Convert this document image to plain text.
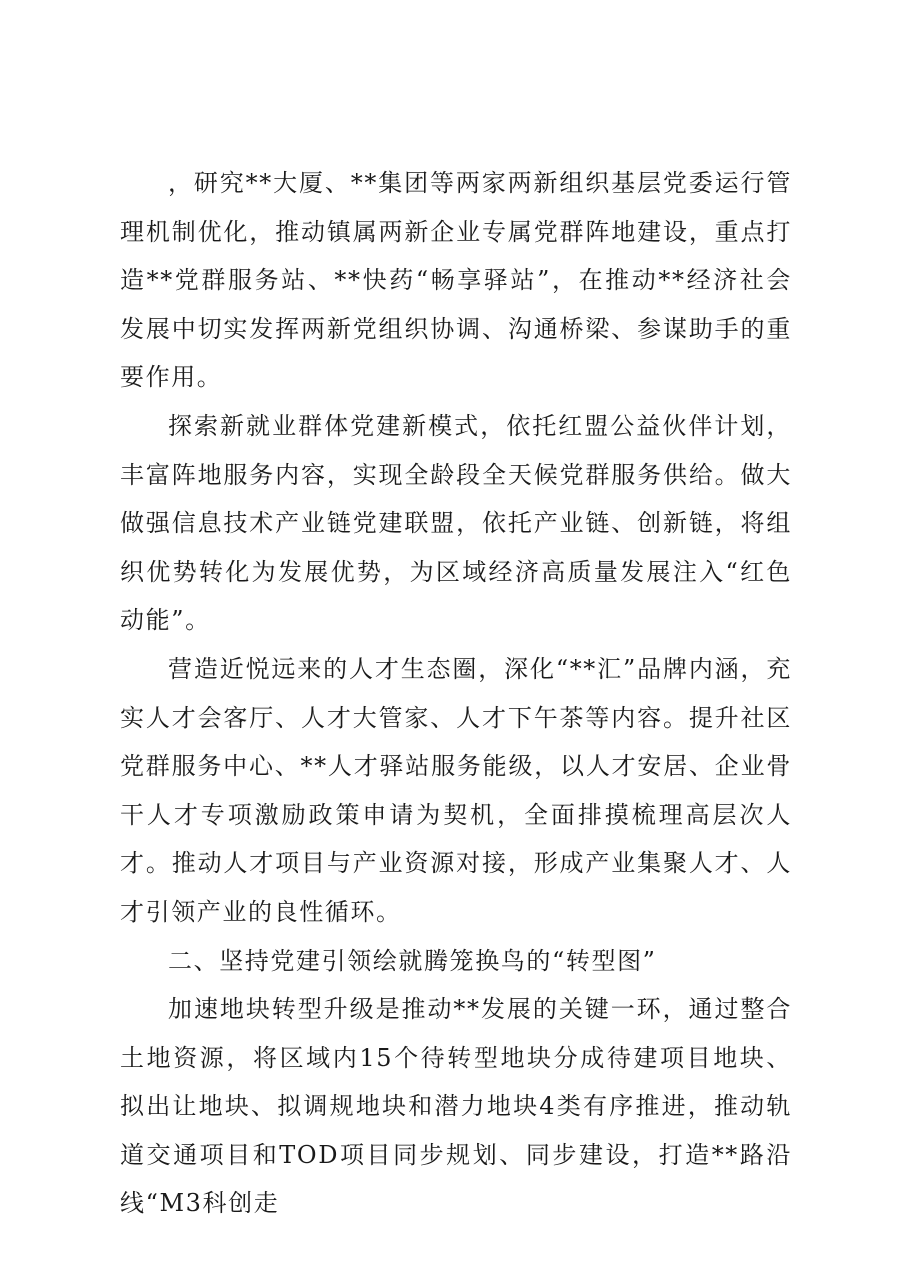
，研究**大厦、**集团等两家两新组织基层党委运行管理机制优化，推动镇属两新企业专属党群阵地建设，重点打造**党群服务站、**快药“畅享驿站”，在推动**经济社会发展中切实发挥两新党组织协调、沟通桥梁、参谋助手的重要作用。

探索新就业群体党建新模式，依托红盟公益伙伴计划，丰富阵地服务内容，实现全龄段全天候党群服务供给。做大做强信息技术产业链党建联盟，依托产业链、创新链，将组织优势转化为发展优势，为区域经济高质量发展注入“红色动能”。

营造近悦远来的人才生态圈，深化“**汇”品牌内涵，充实人才会客厅、人才大管家、人才下午茶等内容。提升社区党群服务中心、**人才驿站服务能级，以人才安居、企业骨干人才专项激励政策申请为契机，全面排摸梳理高层次人才。推动人才项目与产业资源对接，形成产业集聚人才、人才引领产业的良性循环。

二、坚持党建引领绘就腾笼换鸟的“转型图”

加速地块转型升级是推动**发展的关键一环，通过整合土地资源，将区域内15个待转型地块分成待建项目地块、拟出让地块、拟调规地块和潜力地块4类有序推进，推动轨道交通项目和TOD项目同步规划、同步建设，打造**路沿线“M3科创走
